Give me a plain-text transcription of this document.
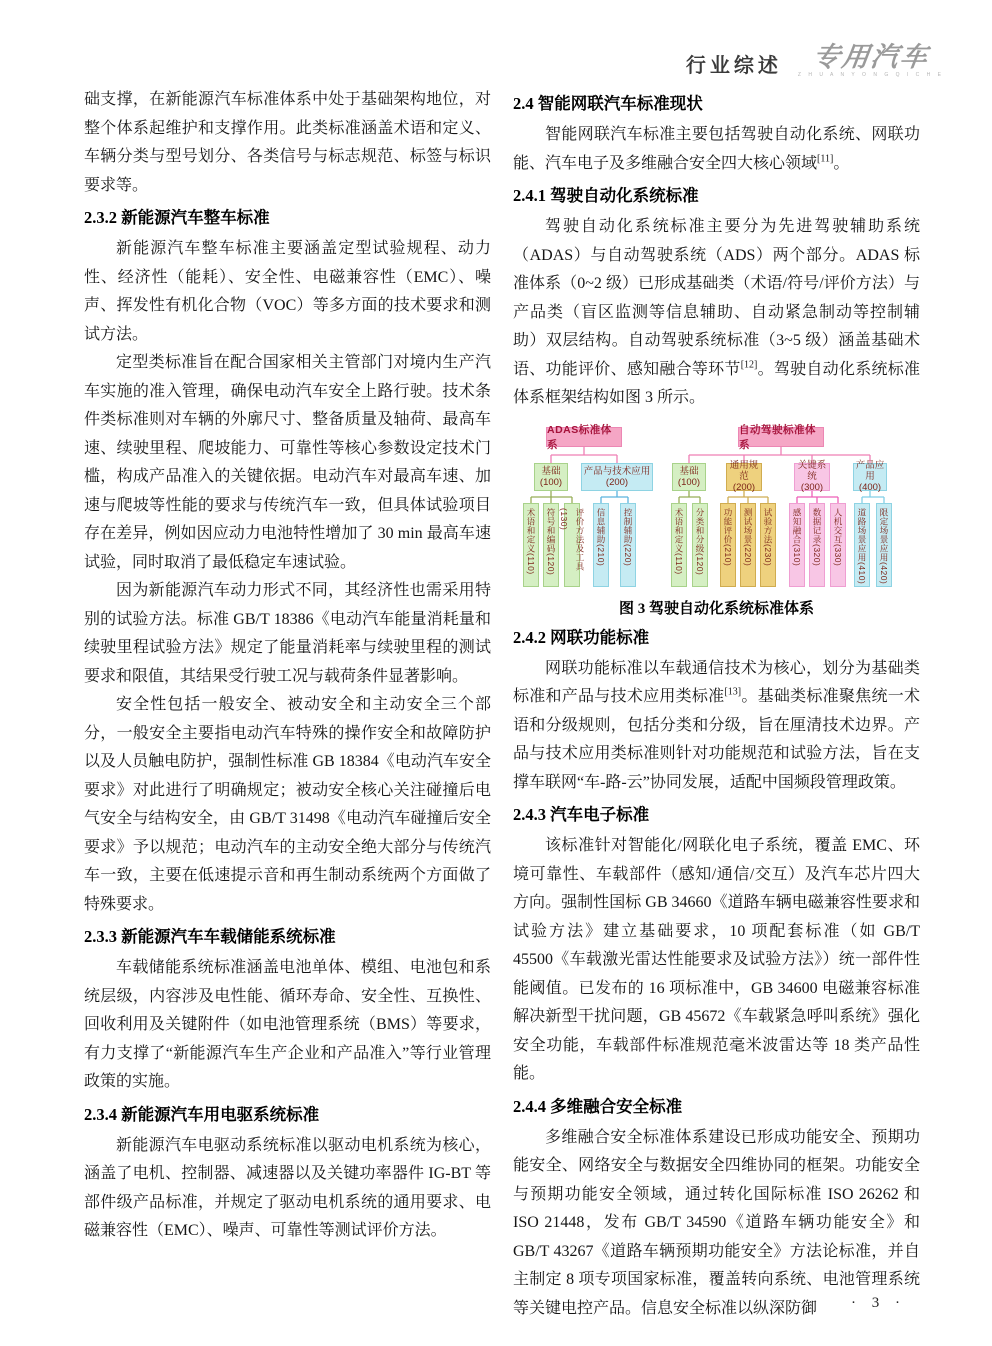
行业综述 专用汽车
Z H U A N Y O N G Q I C H E

础支撑，在新能源汽车标准体系中处于基础架构地位，对整个体系起维护和支撑作用。此类标准涵盖术语和定义、车辆分类与型号划分、各类信号与标志规范、标签与标识要求等。

2.3.2 新能源汽车整车标准

新能源汽车整车标准主要涵盖定型试验规程、动力性、经济性（能耗）、安全性、电磁兼容性（EMC）、噪声、挥发性有机化合物（VOC）等多方面的技术要求和测试方法。

定型类标准旨在配合国家相关主管部门对境内生产汽车实施的准入管理，确保电动汽车安全上路行驶。技术条件类标准则对车辆的外廓尺寸、整备质量及轴荷、最高车速、续驶里程、爬坡能力、可靠性等核心参数设定技术门槛，构成产品准入的关键依据。电动汽车对最高车速、加速与爬坡等性能的要求与传统汽车一致，但具体试验项目存在差异，例如因应动力电池特性增加了 30 min 最高车速试验，同时取消了最低稳定车速试验。

因为新能源汽车动力形式不同，其经济性也需采用特别的试验方法。标准 GB/T 18386《电动汽车能量消耗量和续驶里程试验方法》规定了能量消耗率与续驶里程的测试要求和限值，其结果受行驶工况与载荷条件显著影响。

安全性包括一般安全、被动安全和主动安全三个部分，一般安全主要指电动汽车特殊的操作安全和故障防护以及人员触电防护，强制性标准 GB 18384《电动汽车安全要求》对此进行了明确规定；被动安全核心关注碰撞后电气安全与结构安全，由 GB/T 31498《电动汽车碰撞后安全要求》予以规范；电动汽车的主动安全绝大部分与传统汽车一致，主要在低速提示音和再生制动系统两个方面做了特殊要求。

2.3.3 新能源汽车车载储能系统标准

车载储能系统标准涵盖电池单体、模组、电池包和系统层级，内容涉及电性能、循环寿命、安全性、互换性、回收利用及关键附件（如电池管理系统（BMS）等要求，有力支撑了“新能源汽车生产企业和产品准入”等行业管理政策的实施。

2.3.4 新能源汽车用电驱系统标准

新能源汽车电驱动系统标准以驱动电机系统为核心，涵盖了电机、控制器、减速器以及关键功率器件 IG-BT 等部件级产品标准，并规定了驱动电机系统的通用要求、电磁兼容性（EMC）、噪声、可靠性等测试评价方法。

2.4 智能网联汽车标准现状

智能网联汽车标准主要包括驾驶自动化系统、网联功能、汽车电子及多维融合安全四大核心领域[11]。

2.4.1 驾驶自动化系统标准

驾驶自动化系统标准主要分为先进驾驶辅助系统（ADAS）与自动驾驶系统（ADS）两个部分。ADAS 标准体系（0~2 级）已形成基础类（术语/符号/评价方法）与产品类（盲区监测等信息辅助、自动紧急制动等控制辅助）双层结构。自动驾驶系统标准（3~5 级）涵盖基础术语、功能评价、感知融合等环节[12]。驾驶自动化系统标准体系框架结构如图 3 所示。

ADAS标准体系
自动驾驶标准体系
基础
(100)
产品与技术应用
(200)
基础
(100)
通用规范
(200)
关键系统
(300)
产品应用
(400)
术语和定义(110)	符号和编码(120)	评价方法及工具(130)	信息辅助(210)	控制辅助(220)	术语和定义(110)	分类和分级(120)	功能评价(210)	测试场景(220)	试验方法(230)	感知融合(310)	数据记录(320)	人机交互(330)	道路场景应用(410)	限定场景应用(420)
图 3 驾驶自动化系统标准体系
2.4.2 网联功能标准

网联功能标准以车载通信技术为核心，划分为基础类标准和产品与技术应用类标准[13]。基础类标准聚焦统一术语和分级规则，包括分类和分级，旨在厘清技术边界。产品与技术应用类标准则针对功能规范和试验方法，旨在支撑车联网“车-路-云”协同发展，适配中国频段管理政策。

2.4.3 汽车电子标准

该标准针对智能化/网联化电子系统，覆盖 EMC、环境可靠性、车载部件（感知/通信/交互）及汽车芯片四大方向。强制性国标 GB 34660《道路车辆电磁兼容性要求和试验方法》建立基础要求，10 项配套标准（如 GB/T 45500《车载激光雷达性能要求及试验方法》）统一部件性能阈值。已发布的 16 项标准中，GB 34600 电磁兼容标准解决新型干扰问题，GB 45672《车载紧急呼叫系统》强化安全功能，车载部件标准规范毫米波雷达等 18 类产品性能。

2.4.4 多维融合安全标准

多维融合安全标准体系建设已形成功能安全、预期功能安全、网络安全与数据安全四维协同的框架。功能安全与预期功能安全领域，通过转化国际标准 ISO 26262 和 ISO 21448，发布 GB/T 34590《道路车辆功能安全》和 GB/T 43267《道路车辆预期功能安全》方法论标准，并自主制定 8 项专项国家标准，覆盖转向系统、电池管理系统等关键电控产品。信息安全标准以纵深防御	· 3 ·
